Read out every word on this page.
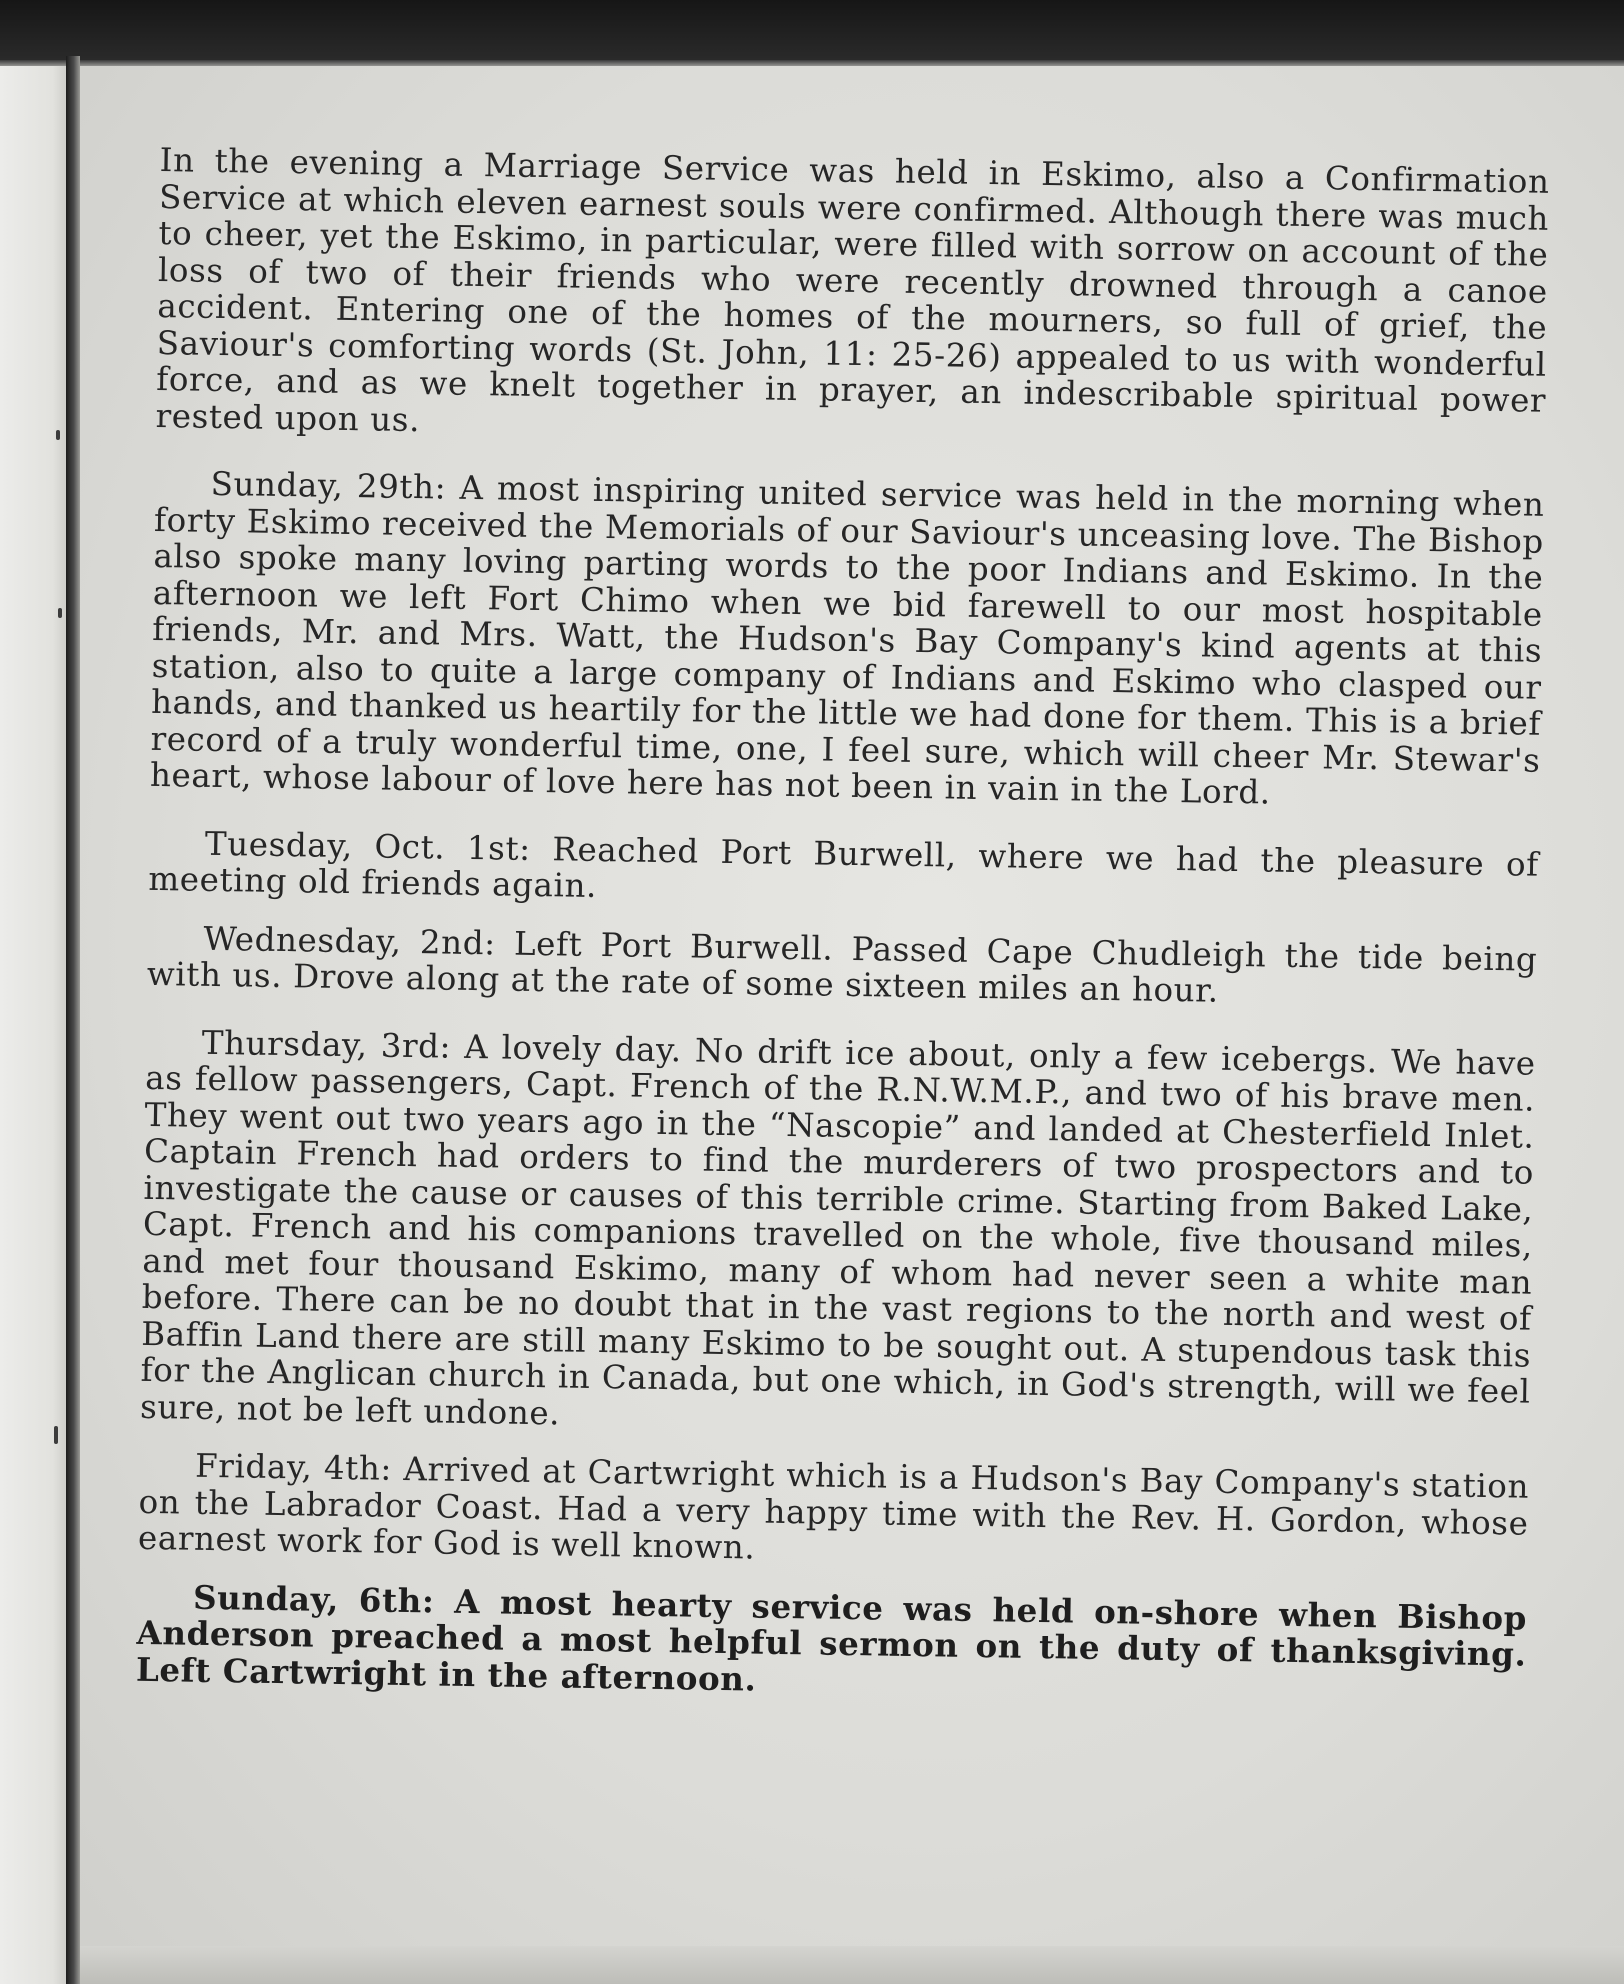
In the evening a Marriage Service was held in Eskimo, also a Confirmation Service at which eleven earnest souls were confirmed. Although there was much to cheer, yet the Eskimo, in particular, were filled with sorrow on account of the loss of two of their friends who were recently drowned through a canoe accident. Entering one of the homes of the mourners, so full of grief, the Saviour's comforting words (St. John, 11: 25-26) appealed to us with wonderful force, and as we knelt together in prayer, an indescribable spiritual power rested upon us.

Sunday, 29th: A most inspiring united service was held in the morning when forty Eskimo received the Memorials of our Saviour's unceasing love. The Bishop also spoke many loving parting words to the poor Indians and Eskimo. In the afternoon we left Fort Chimo when we bid farewell to our most hospitable friends, Mr. and Mrs. Watt, the Hudson's Bay Company's kind agents at this station, also to quite a large company of Indians and Eskimo who clasped our hands, and thanked us heartily for the little we had done for them. This is a brief record of a truly wonderful time, one, I feel sure, which will cheer Mr. Stewar's heart, whose labour of love here has not been in vain in the Lord.

Tuesday, Oct. 1st: Reached Port Burwell, where we had the pleasure of meeting old friends again.

Wednesday, 2nd: Left Port Burwell. Passed Cape Chudleigh the tide being with us. Drove along at the rate of some sixteen miles an hour.

Thursday, 3rd: A lovely day. No drift ice about, only a few icebergs. We have as fellow passengers, Capt. French of the R.N.W.M.P., and two of his brave men. They went out two years ago in the “Nascopie” and landed at Chesterfield Inlet. Captain French had orders to find the murderers of two prospectors and to investigate the cause or causes of this terrible crime. Starting from Baked Lake, Capt. French and his companions travelled on the whole, five thousand miles, and met four thousand Eskimo, many of whom had never seen a white man before. There can be no doubt that in the vast regions to the north and west of Baffin Land there are still many Eskimo to be sought out. A stupendous task this for the Anglican church in Canada, but one which, in God's strength, will we feel sure, not be left undone.

Friday, 4th: Arrived at Cartwright which is a Hudson's Bay Company's station on the Labrador Coast. Had a very happy time with the Rev. H. Gordon, whose earnest work for God is well known.

Sunday, 6th: A most hearty service was held on-shore when Bishop Anderson preached a most helpful sermon on the duty of thanksgiving. Left Cartwright in the afternoon.
